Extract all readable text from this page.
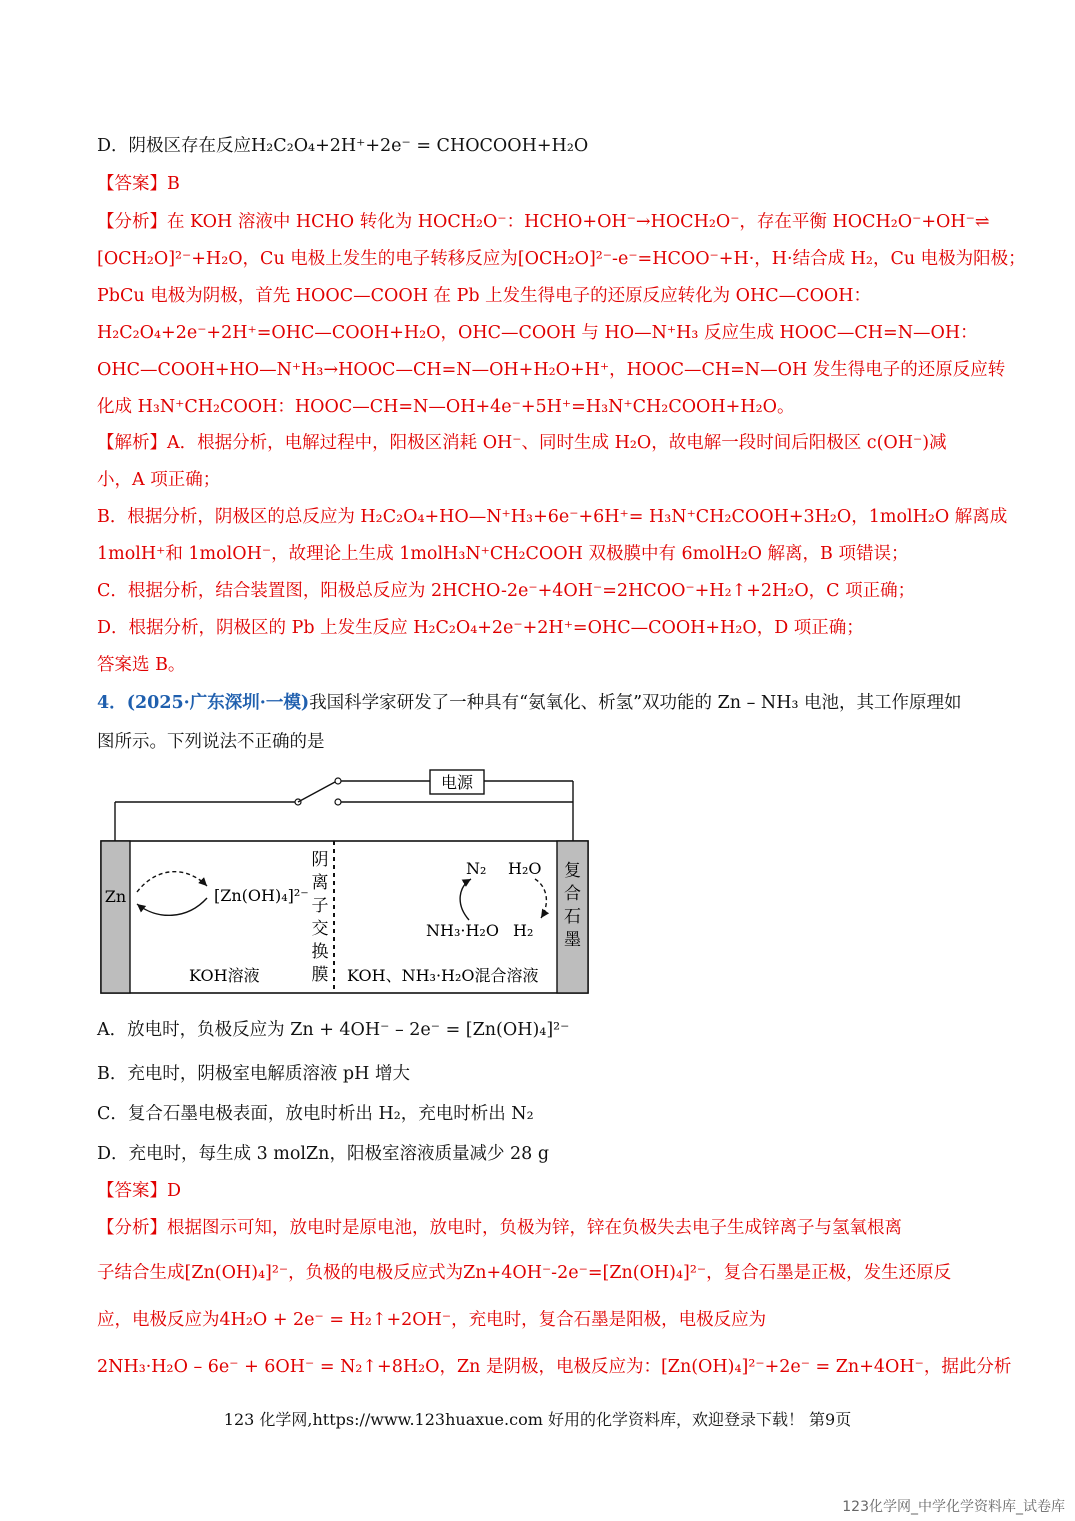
D．阴极区存在反应H₂C₂O₄+2H⁺+2e⁻ = CHOCOOH+H₂O
【答案】B
【分析】在 KOH 溶液中 HCHO 转化为 HOCH₂O⁻：HCHO+OH⁻→HOCH₂O⁻，存在平衡 HOCH₂O⁻+OH⁻⇌
[OCH₂O]²⁻+H₂O，Cu 电极上发生的电子转移反应为[OCH₂O]²⁻-e⁻=HCOO⁻+H·，H·结合成 H₂，Cu 电极为阳极；
PbCu 电极为阴极，首先 HOOC—COOH 在 Pb 上发生得电子的还原反应转化为 OHC—COOH：
H₂C₂O₄+2e⁻+2H⁺=OHC—COOH+H₂O，OHC—COOH 与 HO—N⁺H₃ 反应生成 HOOC—CH=N—OH：
OHC—COOH+HO—N⁺H₃→HOOC—CH=N—OH+H₂O+H⁺，HOOC—CH=N—OH 发生得电子的还原反应转
化成 H₃N⁺CH₂COOH：HOOC—CH=N—OH+4e⁻+5H⁺=H₃N⁺CH₂COOH+H₂O。
【解析】A．根据分析，电解过程中，阳极区消耗 OH⁻、同时生成 H₂O，故电解一段时间后阳极区 c(OH⁻)减
小，A 项正确；
B．根据分析，阴极区的总反应为 H₂C₂O₄+HO—N⁺H₃+6e⁻+6H⁺= H₃N⁺CH₂COOH+3H₂O，1molH₂O 解离成
1molH⁺和 1molOH⁻，故理论上生成 1molH₃N⁺CH₂COOH 双极膜中有 6molH₂O 解离，B 项错误；
C．根据分析，结合装置图，阳极总反应为 2HCHO-2e⁻+4OH⁻=2HCOO⁻+H₂↑+2H₂O，C 项正确；
D．根据分析，阴极区的 Pb 上发生反应 H₂C₂O₄+2e⁻+2H⁺=OHC—COOH+H₂O，D 项正确；
答案选 B。
4．(2025·广东深圳·一模)我国科学家研发了一种具有“氨氧化、析氢”双功能的 Zn – NH₃ 电池，其工作原理如
图所示。下列说法不正确的是
电源
Zn
复
合
石
墨
阴
离
子
交
换
膜
[Zn(OH)₄]²⁻
KOH溶液
N₂ H₂O
NH₃·H₂O H₂
KOH、NH₃·H₂O混合溶液
A．放电时，负极反应为 Zn + 4OH⁻ – 2e⁻ = [Zn(OH)₄]²⁻
B．充电时，阴极室电解质溶液 pH 增大
C．复合石墨电极表面，放电时析出 H₂，充电时析出 N₂
D．充电时，每生成 3 molZn，阳极室溶液质量减少 28 g
【答案】D
【分析】根据图示可知，放电时是原电池，放电时，负极为锌，锌在负极失去电子生成锌离子与氢氧根离
子结合生成[Zn(OH)₄]²⁻，负极的电极反应式为Zn+4OH⁻-2e⁻=[Zn(OH)₄]²⁻，复合石墨是正极，发生还原反
应，电极反应为4H₂O + 2e⁻ = H₂↑+2OH⁻，充电时，复合石墨是阳极，电极反应为
2NH₃·H₂O – 6e⁻ + 6OH⁻ = N₂↑+8H₂O，Zn 是阴极，电极反应为：[Zn(OH)₄]²⁻+2e⁻ = Zn+4OH⁻，据此分析
123 化学网,https://www.123huaxue.com 好用的化学资料库，欢迎登录下载！ 第9页
123化学网_中学化学资料库_试卷库
